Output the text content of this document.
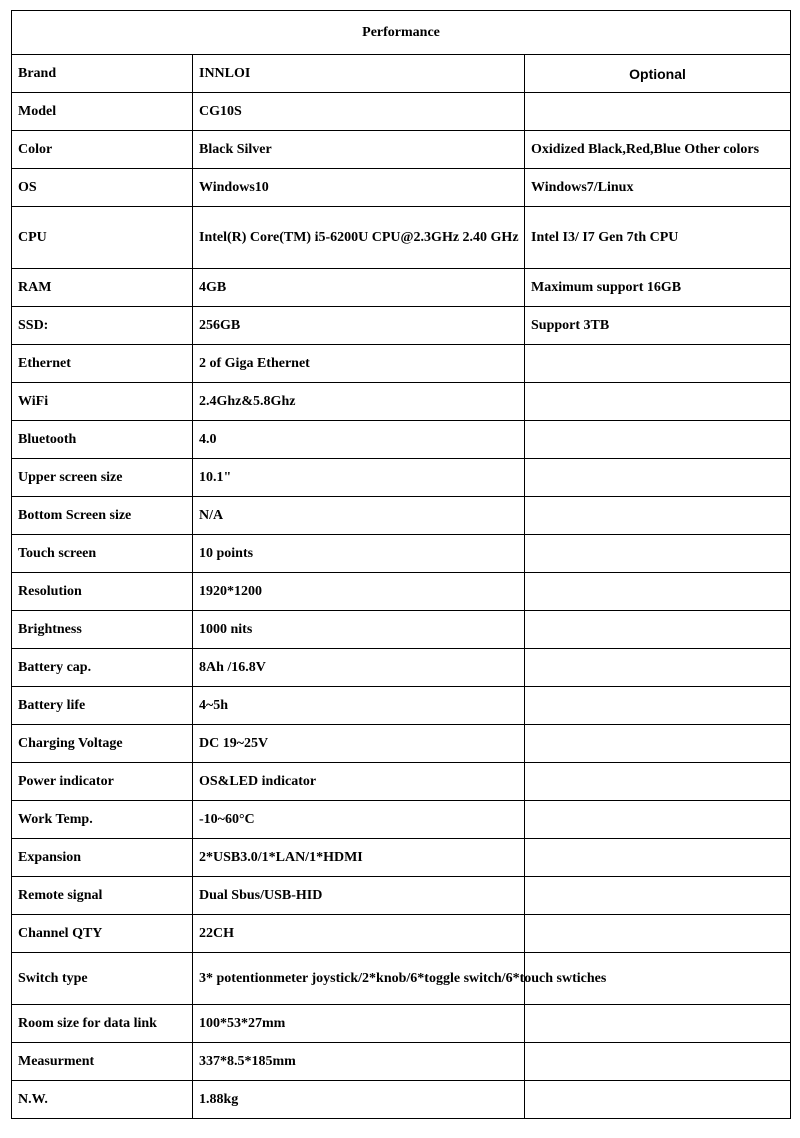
Performance		
Brand	INNLOI	Optional
Model	CG10S	
Color	Black Silver	Oxidized Black,Red,Blue Other colors
OS	Windows10	Windows7/Linux
CPU	Intel(R) Core(TM) i5-6200U CPU@2.3GHz 2.40 GHz	Intel I3/ I7 Gen 7th CPU
RAM	4GB	Maximum support 16GB
SSD:	256GB	Support 3TB
Ethernet	2 of Giga Ethernet	
WiFi	2.4Ghz&5.8Ghz	
Bluetooth	4.0	
Upper screen size	10.1"	
Bottom Screen size	N/A	
Touch screen	10 points	
Resolution	1920*1200	
Brightness	1000 nits	
Battery cap.	8Ah /16.8V	
Battery life	4~5h	
Charging Voltage	DC 19~25V	
Power indicator	OS&LED indicator	
Work Temp.	-10~60°C	
Expansion	2*USB3.0/1*LAN/1*HDMI	
Remote signal	Dual Sbus/USB-HID	
Channel QTY	22CH	
Switch type	3* potentionmeter joystick/2*knob/6*toggle switch/6*touch swtiches	
Room size for data link	100*53*27mm	
Measurment	337*8.5*185mm	
N.W.	1.88kg	
